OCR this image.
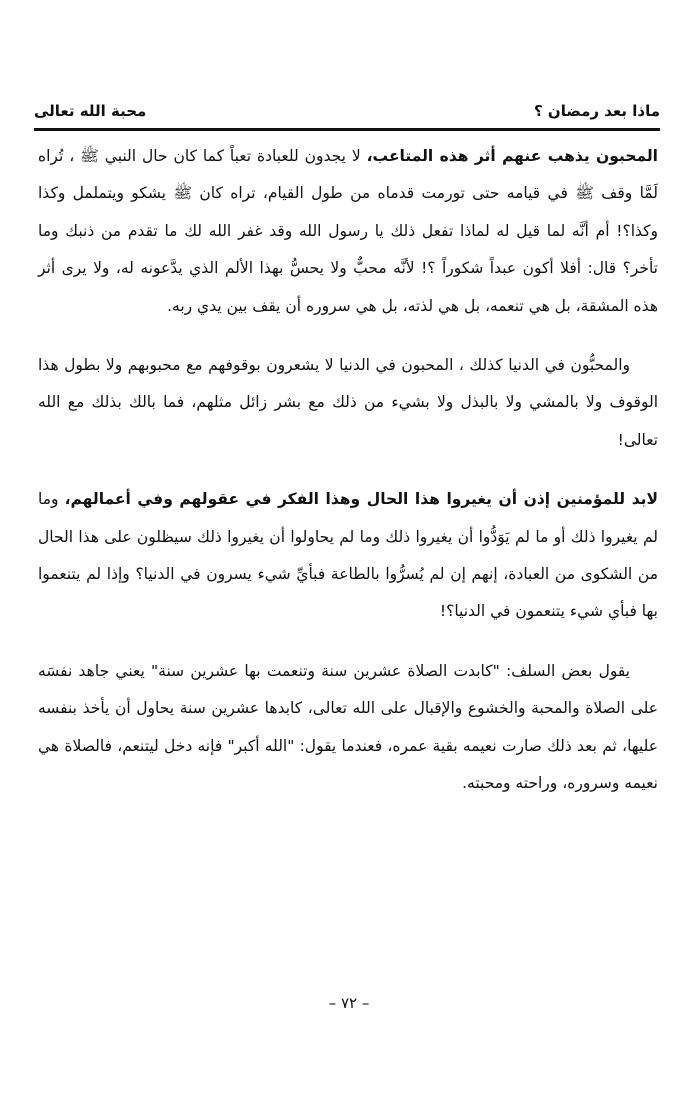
ماذا بعد رمضان ؟
محبة الله تعالى

المحبون يذهب عنهم أثر هذه المتاعب، لا يجدون للعبادة تعباً كما كان حال النبي ﷺ ، تُراه لَمَّا وقف ﷺ في قيامه حتى تورمت قدماه من طول القيام، تراه كان ﷺ يشكو ويتململ وكذا وكذا؟! أم أنَّه لما قيل له لماذا تفعل ذلك يا رسول الله وقد غفر الله لك ما تقدم من ذنبك وما تأخر؟ قال: أفلا أكون عبداً شكوراً ؟! لأنَّه محبٌّ ولا يحسُّ بهذا الألم الذي يدَّعونه له، ولا يرى أثر هذه المشقة، بل هي تنعمه، بل هي لذته، بل هي سروره أن يقف بين يدي ربه.

والمحبُّون في الدنيا كذلك ، المحبون في الدنيا لا يشعرون بوقوفهم مع محبوبهم ولا بطول هذا الوقوف ولا بالمشي ولا بالبذل ولا بشيء من ذلك مع بشر زائل مثلهم، فما بالك بذلك مع الله تعالى!

لابد للمؤمنين إذن أن يغيروا هذا الحال وهذا الفكر في عقولهم وفي أعمالهم، وما لم يغيروا ذلك أو ما لم يَوَدُّوا أن يغيروا ذلك وما لم يحاولوا أن يغيروا ذلك سيظلون على هذا الحال من الشكوى من العبادة، إنهم إن لم يُسرُّوا بالطاعة فبأيِّ شيء يسرون في الدنيا؟ وإذا لم يتنعموا بها فبأي شيء يتنعمون في الدنيا؟!

يقول بعض السلف: "كابدت الصلاة عشرين سنة وتنعمت بها عشرين سنة" يعني جاهد نفسَه على الصلاة والمحبة والخشوع والإقبال على الله تعالى، كابدها عشرين سنة يحاول أن يأخذ بنفسه عليها، ثم بعد ذلك صارت نعيمه بقية عمره، فعندما يقول: "الله أكبر" فإنه دخل ليتنعم، فالصلاة هي نعيمه وسروره، وراحته ومحبته.

– ٧٢ –
